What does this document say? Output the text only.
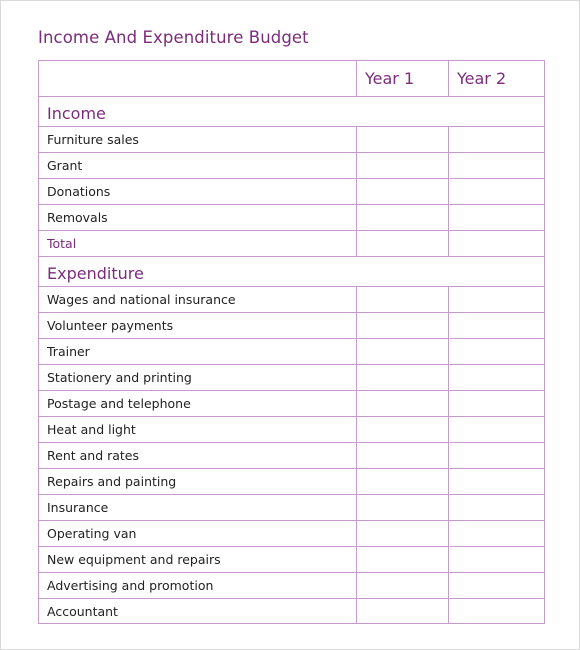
Income And Expenditure Budget
	Year 1	Year 2
Income		
Furniture sales		
Grant		
Donations		
Removals		
Total		
Expenditure		
Wages and national insurance		
Volunteer payments		
Trainer		
Stationery and printing		
Postage and telephone		
Heat and light		
Rent and rates		
Repairs and painting		
Insurance		
Operating van		
New equipment and repairs		
Advertising and promotion		
Accountant		
